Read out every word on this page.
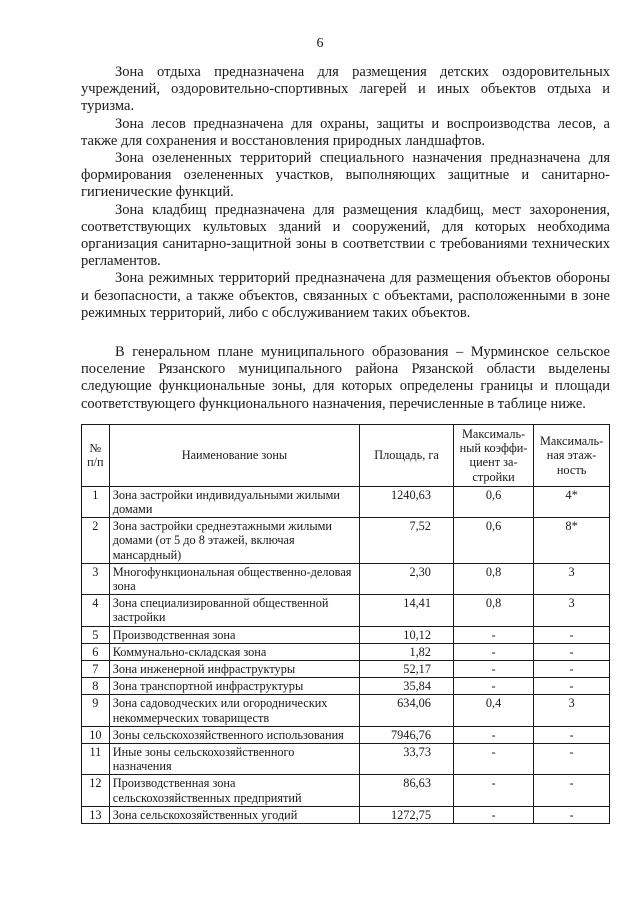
6

Зона отдыха предназначена для размещения детских оздоровительных учреждений, оздоровительно-спортивных лагерей и иных объектов отдыха и туризма.

Зона лесов предназначена для охраны, защиты и воспроизводства лесов, а также для сохранения и восстановления природных ландшафтов.

Зона озелененных территорий специального назначения предназначена для формирования озелененных участков, выполняющих защитные и санитарно-гигиенические функций.

Зона кладбищ предназначена для размещения кладбищ, мест захоронения, соответствующих культовых зданий и сооружений, для которых необходима организация санитарно-защитной зоны в соответствии с требованиями технических регламентов.

Зона режимных территорий предназначена для размещения объектов обороны и безопасности, а также объектов, связанных с объектами, расположенными в зоне режимных территорий, либо с обслуживанием таких объектов.

В генеральном плане муниципального образования – Мурминское сельское поселение Рязанского муниципального района Рязанской области выделены следующие функциональные зоны, для которых определены границы и площади соответствующего функционального назначения, перечисленные в таблице ниже.

№ п/п	Наименование зоны	Площадь, га	Максималь-ный коэффи-циент за-стройки	Максималь-ная этаж-ность
1	Зона застройки индивидуальными жилыми домами	1240,63	0,6	4*
2	Зона застройки среднеэтажными жилыми домами (от 5 до 8 этажей, включая мансардный)	7,52	0,6	8*
3	Многофункциональная общественно-деловая зона	2,30	0,8	3
4	Зона специализированной общественной застройки	14,41	0,8	3
5	Производственная зона	10,12	-	-
6	Коммунально-складская зона	1,82	-	-
7	Зона инженерной инфраструктуры	52,17	-	-
8	Зона транспортной инфраструктуры	35,84	-	-
9	Зона садоводческих или огороднических некоммерческих товариществ	634,06	0,4	3
10	Зоны сельскохозяйственного использования	7946,76	-	-
11	Иные зоны сельскохозяйственного назначения	33,73	-	-
12	Производственная зона сельскохозяйственных предприятий	86,63	-	-
13	Зона сельскохозяйственных угодий	1272,75	-	-
